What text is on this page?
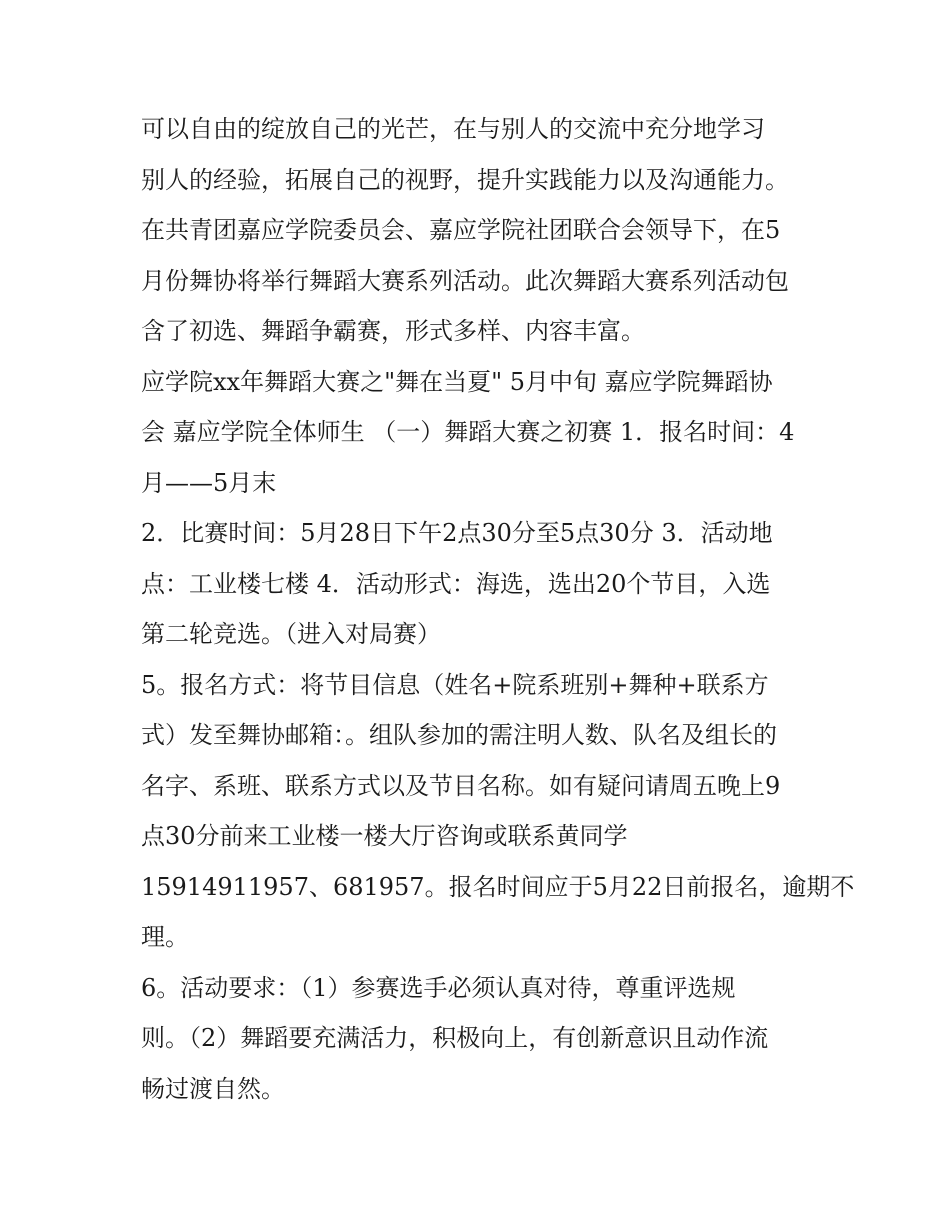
可以自由的绽放自己的光芒，在与别人的交流中充分地学习
别人的经验，拓展自己的视野，提升实践能力以及沟通能力。
在共青团嘉应学院委员会、嘉应学院社团联合会领导下，在5
月份舞协将举行舞蹈大赛系列活动。此次舞蹈大赛系列活动包
含了初选、舞蹈争霸赛，形式多样、内容丰富。
应学院xx年舞蹈大赛之"舞在当夏" 5月中旬 嘉应学院舞蹈协
会 嘉应学院全体师生 （一）舞蹈大赛之初赛 1．报名时间：4
月——5月末
2．比赛时间：5月28日下午2点30分至5点30分 3．活动地
点：工业楼七楼 4．活动形式：海选，选出20个节目，入选
第二轮竞选。（进入对局赛）
5。报名方式：将节目信息（姓名+院系班别+舞种+联系方
式）发至舞协邮箱：。组队参加的需注明人数、队名及组长的
名字、系班、联系方式以及节目名称。如有疑问请周五晚上9
点30分前来工业楼一楼大厅咨询或联系黄同学
15914911957、681957。报名时间应于5月22日前报名，逾期不
理。
6。活动要求：（1）参赛选手必须认真对待，尊重评选规
则。（2）舞蹈要充满活力，积极向上，有创新意识且动作流
畅过渡自然。
